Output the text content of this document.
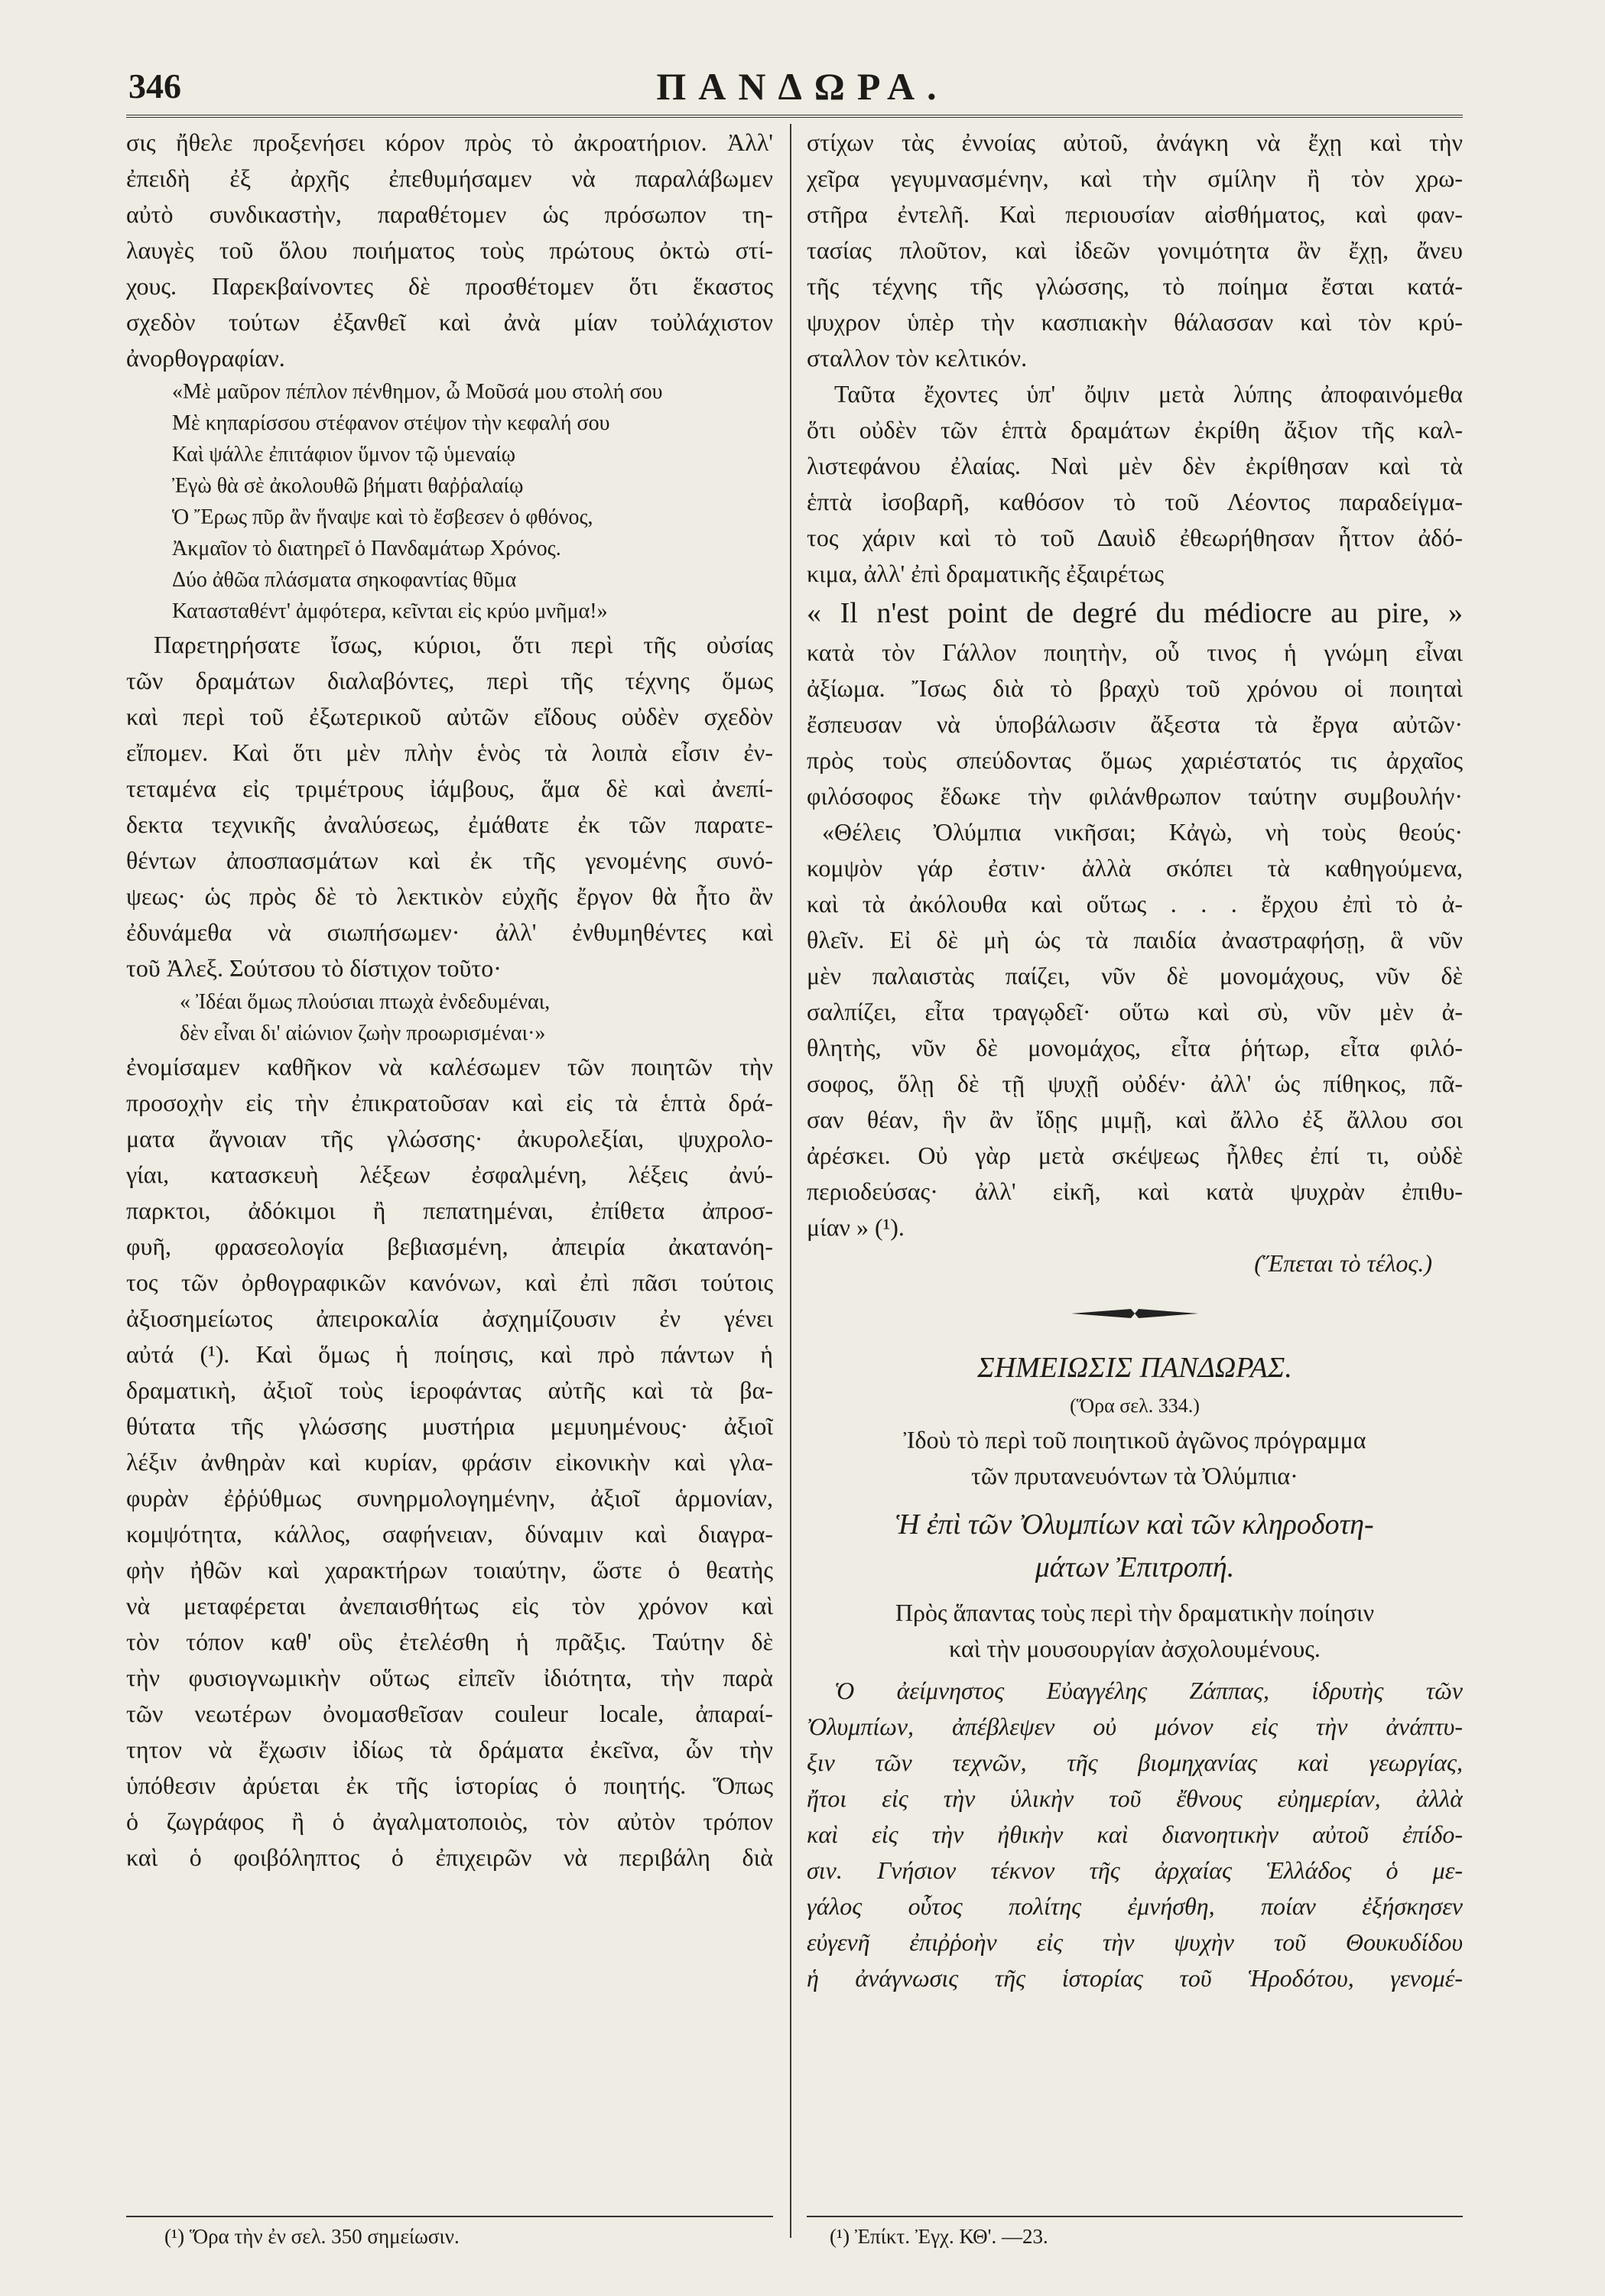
346	ΠΑΝΔΩΡΑ.
σις ἤθελε προξενήσει κόρον πρὸς τὸ ἀκροατήριον. Ἀλλ'
ἐπειδὴ ἐξ ἀρχῆς ἐπεθυμήσαμεν νὰ παραλάβωμεν
αὐτὸ συνδικαστὴν, παραθέτομεν ὡς πρόσωπον τη-
λαυγὲς τοῦ ὅλου ποιήματος τοὺς πρώτους ὀκτὼ στί-
χους. Παρεκβαίνοντες δὲ προσθέτομεν ὅτι ἕκαστος
σχεδὸν τούτων ἐξανθεῖ καὶ ἀνὰ μίαν τοὐλάχιστον
ἀνορθογραφίαν.
«Μὲ μαῦρον πέπλον πένθημον, ὦ Μοῦσά μου στολή σου
Μὲ κηπαρίσσου στέφανον στέψον τὴν κεφαλή σου
Καὶ ψάλλε ἐπιτάφιον ὕμνον τῷ ὑμεναίῳ
Ἐγὼ θὰ σὲ ἀκολουθῶ βήματι θαῤῥαλαίῳ
Ὁ Ἔρως πῦρ ἂν ἥναψε καὶ τὸ ἔσβεσεν ὁ φθόνος,
Ἀκμαῖον τὸ διατηρεῖ ὁ Πανδαμάτωρ Χρόνος.
Δύο ἀθῶα πλάσματα σηκοφαντίας θῦμα
Κατασταθέντ' ἀμφότερα, κεῖνται εἰς κρύο μνῆμα!»
Παρετηρήσατε ἴσως, κύριοι, ὅτι περὶ τῆς οὐσίας
τῶν δραμάτων διαλαβόντες, περὶ τῆς τέχνης ὅμως
καὶ περὶ τοῦ ἐξωτερικοῦ αὐτῶν εἴδους οὐδὲν σχεδὸν
εἴπομεν. Καὶ ὅτι μὲν πλὴν ἑνὸς τὰ λοιπὰ εἶσιν ἐν-
τεταμένα εἰς τριμέτρους ἰάμβους, ἅμα δὲ καὶ ἀνεπί-
δεκτα τεχνικῆς ἀναλύσεως, ἐμάθατε ἐκ τῶν παρατε-
θέντων ἀποσπασμάτων καὶ ἐκ τῆς γενομένης συνό-
ψεως· ὡς πρὸς δὲ τὸ λεκτικὸν εὐχῆς ἔργον θὰ ἦτο ἂν
ἐδυνάμεθα νὰ σιωπήσωμεν· ἀλλ' ἐνθυμηθέντες καὶ
τοῦ Ἀλεξ. Σούτσου τὸ δίστιχον τοῦτο·
« Ἰδέαι ὅμως πλούσιαι πτωχὰ ἐνδεδυμέναι,
δὲν εἶναι δι' αἰώνιον ζωὴν προωρισμέναι·»
ἐνομίσαμεν καθῆκον νὰ καλέσωμεν τῶν ποιητῶν τὴν
προσοχὴν εἰς τὴν ἐπικρατοῦσαν καὶ εἰς τὰ ἑπτὰ δρά-
ματα ἄγνοιαν τῆς γλώσσης· ἀκυρολεξίαι, ψυχρολο-
γίαι, κατασκευὴ λέξεων ἐσφαλμένη, λέξεις ἀνύ-
παρκτοι, ἀδόκιμοι ἢ πεπατημέναι, ἐπίθετα ἀπροσ-
φυῆ, φρασεολογία βεβιασμένη, ἀπειρία ἀκατανόη-
τος τῶν ὀρθογραφικῶν κανόνων, καὶ ἐπὶ πᾶσι τούτοις
ἀξιοσημείωτος ἀπειροκαλία ἀσχημίζουσιν ἐν γένει
αὐτά (¹). Καὶ ὅμως ἡ ποίησις, καὶ πρὸ πάντων ἡ
δραματικὴ, ἀξιοῖ τοὺς ἱεροφάντας αὐτῆς καὶ τὰ βα-
θύτατα τῆς γλώσσης μυστήρια μεμυημένους· ἀξιοῖ
λέξιν ἀνθηρὰν καὶ κυρίαν, φράσιν εἰκονικὴν καὶ γλα-
φυρὰν ἐῤῥύθμως συνηρμολογημένην, ἀξιοῖ ἁρμονίαν,
κομψότητα, κάλλος, σαφήνειαν, δύναμιν καὶ διαγρα-
φὴν ἠθῶν καὶ χαρακτήρων τοιαύτην, ὥστε ὁ θεατὴς
νὰ μεταφέρεται ἀνεπαισθήτως εἰς τὸν χρόνον καὶ
τὸν τόπον καθ' οὓς ἐτελέσθη ἡ πρᾶξις. Ταύτην δὲ
τὴν φυσιογνωμικὴν οὕτως εἰπεῖν ἰδιότητα, τὴν παρὰ
τῶν νεωτέρων ὀνομασθεῖσαν couleur locale, ἀπαραί-
τητον νὰ ἔχωσιν ἰδίως τὰ δράματα ἐκεῖνα, ὧν τὴν
ὑπόθεσιν ἀρύεται ἐκ τῆς ἱστορίας ὁ ποιητής. Ὅπως
ὁ ζωγράφος ἢ ὁ ἀγαλματοποιὸς, τὸν αὐτὸν τρόπον
καὶ ὁ φοιβόληπτος ὁ ἐπιχειρῶν νὰ περιβάλη διὰ
στίχων τὰς ἐννοίας αὐτοῦ, ἀνάγκη νὰ ἔχῃ καὶ τὴν
χεῖρα γεγυμνασμένην, καὶ τὴν σμίλην ἢ τὸν χρω-
στῆρα ἐντελῆ. Καὶ περιουσίαν αἰσθήματος, καὶ φαν-
τασίας πλοῦτον, καὶ ἰδεῶν γονιμότητα ἂν ἔχῃ, ἄνευ
τῆς τέχνης τῆς γλώσσης, τὸ ποίημα ἔσται κατά-
ψυχρον ὑπὲρ τὴν κασπιακὴν θάλασσαν καὶ τὸν κρύ-
σταλλον τὸν κελτικόν.
Ταῦτα ἔχοντες ὑπ' ὄψιν μετὰ λύπης ἀποφαινόμεθα
ὅτι οὐδὲν τῶν ἑπτὰ δραμάτων ἐκρίθη ἄξιον τῆς καλ-
λιστεφάνου ἐλαίας. Ναὶ μὲν δὲν ἐκρίθησαν καὶ τὰ
ἑπτὰ ἰσοβαρῆ, καθόσον τὸ τοῦ Λέοντος παραδείγμα-
τος χάριν καὶ τὸ τοῦ Δαυὶδ ἐθεωρήθησαν ἧττον ἀδό-
κιμα, ἀλλ' ἐπὶ δραματικῆς ἐξαιρέτως
« Il n'est point de degré du médiocre au pire, »
κατὰ τὸν Γάλλον ποιητὴν, οὗ τινος ἡ γνώμη εἶναι
ἀξίωμα. Ἴσως διὰ τὸ βραχὺ τοῦ χρόνου οἱ ποιηταὶ
ἔσπευσαν νὰ ὑποβάλωσιν ἄξεστα τὰ ἔργα αὐτῶν·
πρὸς τοὺς σπεύδοντας ὅμως χαριέστατός τις ἀρχαῖος
φιλόσοφος ἔδωκε τὴν φιλάνθρωπον ταύτην συμβουλήν·
«Θέλεις Ὀλύμπια νικῆσαι; Κἀγὼ, νὴ τοὺς θεούς·
κομψὸν γάρ ἐστιν· ἀλλὰ σκόπει τὰ καθηγούμενα,
καὶ τὰ ἀκόλουθα καὶ οὕτως . . . ἔρχου ἐπὶ τὸ ἀ-
θλεῖν. Εἰ δὲ μὴ ὡς τὰ παιδία ἀναστραφήσῃ, ἃ νῦν
μὲν παλαιστὰς παίζει, νῦν δὲ μονομάχους, νῦν δὲ
σαλπίζει, εἶτα τραγῳδεῖ· οὕτω καὶ σὺ, νῦν μὲν ἀ-
θλητὴς, νῦν δὲ μονομάχος, εἶτα ῥήτωρ, εἶτα φιλό-
σοφος, ὅλῃ δὲ τῇ ψυχῇ οὐδέν· ἀλλ' ὡς πίθηκος, πᾶ-
σαν θέαν, ἣν ἂν ἴδῃς μιμῇ, καὶ ἄλλο ἐξ ἄλλου σοι
ἀρέσκει. Οὐ γὰρ μετὰ σκέψεως ἦλθες ἐπί τι, οὐδὲ
περιοδεύσας· ἀλλ' εἰκῆ, καὶ κατὰ ψυχρὰν ἐπιθυ-
μίαν » (¹).
(Ἕπεται τὸ τέλος.)
ΣΗΜΕΙΩΣΙΣ ΠΑΝΔΩΡΑΣ.
(Ὅρα σελ. 334.)
Ἰδοὺ τὸ περὶ τοῦ ποιητικοῦ ἀγῶνος πρόγραμμα
τῶν πρυτανευόντων τὰ Ὀλύμπια·
Ἡ ἐπὶ τῶν Ὀλυμπίων καὶ τῶν κληροδοτη-
μάτων Ἐπιτροπή.
Πρὸς ἅπαντας τοὺς περὶ τὴν δραματικὴν ποίησιν
καὶ τὴν μουσουργίαν ἀσχολουμένους.
Ὁ ἀείμνηστος Εὐαγγέλης Ζάππας, ἱδρυτὴς τῶν
Ὀλυμπίων, ἀπέβλεψεν οὐ μόνον εἰς τὴν ἀνάπτυ-
ξιν τῶν τεχνῶν, τῆς βιομηχανίας καὶ γεωργίας,
ἤτοι εἰς τὴν ὑλικὴν τοῦ ἔθνους εὐημερίαν, ἀλλὰ
καὶ εἰς τὴν ἠθικὴν καὶ διανοητικὴν αὐτοῦ ἐπίδο-
σιν. Γνήσιον τέκνον τῆς ἀρχαίας Ἑλλάδος ὁ με-
γάλος οὗτος πολίτης ἐμνήσθη, ποίαν ἐξήσκησεν
εὐγενῆ ἐπιῤῥοὴν εἰς τὴν ψυχὴν τοῦ Θουκυδίδου
ἡ ἀνάγνωσις τῆς ἱστορίας τοῦ Ἡροδότου, γενομέ-
(¹) Ὅρα τὴν ἐν σελ. 350 σημείωσιν.	(¹) Ἐπίκτ. Ἐγχ. ΚΘ'. —23.
